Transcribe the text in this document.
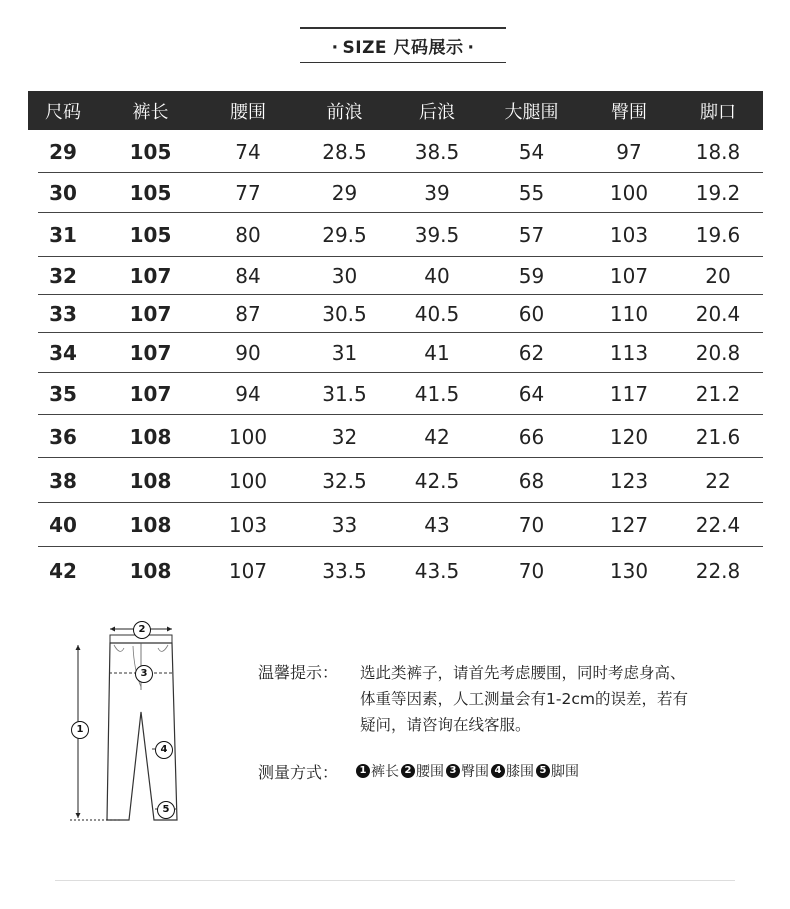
· SIZE 尺码展示 ·
尺码	裤长	腰围	前浪	后浪	大腿围	臀围	脚口
29	105	74	28.5	38.5	54	97	18.8
30	105	77	29	39	55	100	19.2
31	105	80	29.5	39.5	57	103	19.6
32	107	84	30	40	59	107	20
33	107	87	30.5	40.5	60	110	20.4
34	107	90	31	41	62	113	20.8
35	107	94	31.5	41.5	64	117	21.2
36	108	100	32	42	66	120	21.6
38	108	100	32.5	42.5	68	123	22
40	108	103	33	43	70	127	22.4
42	108	107	33.5	43.5	70	130	22.8
2
3
1
4
5
温馨提示： 选此类裤子，请首先考虑腰围，同时考虑身高、
体重等因素，人工测量会有1-2cm的误差，若有
疑问，请咨询在线客服。
测量方式：	1 裤长 2 腰围 3 臀围 4 膝围 5 脚围
